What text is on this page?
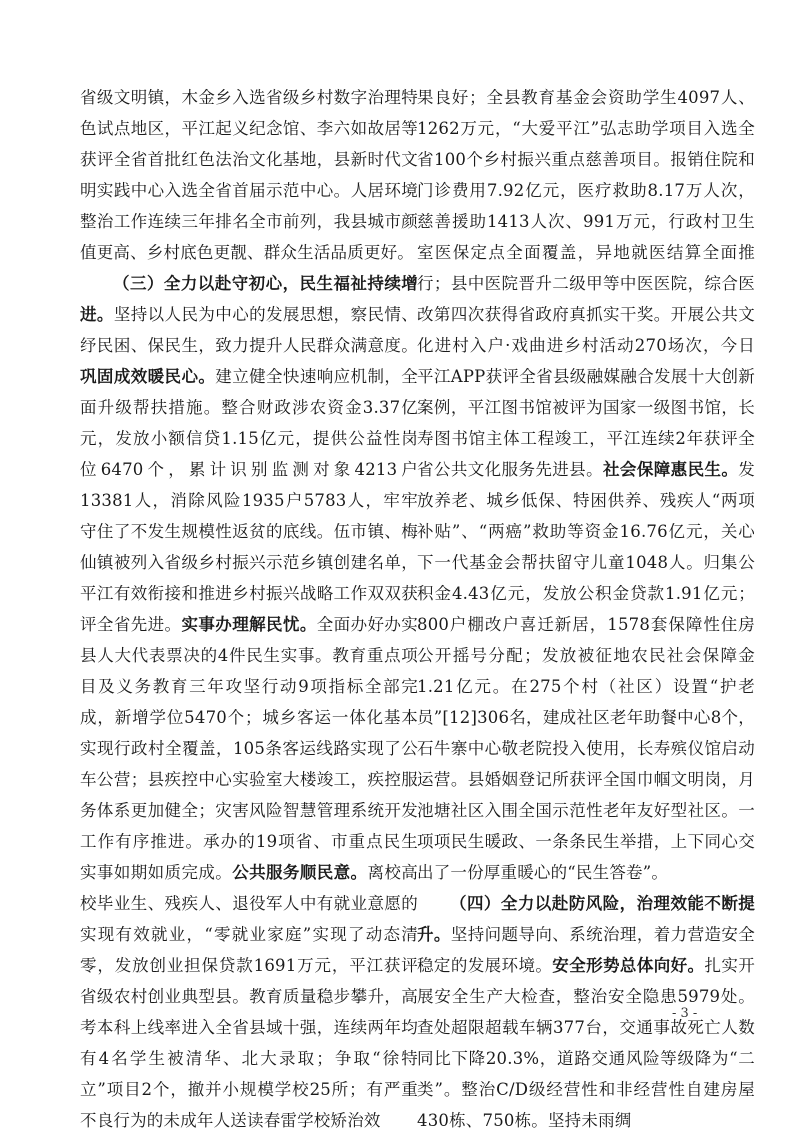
省级文明镇，木金乡入选省级乡村数字治理特色试点地区，平江起义纪念馆、李六如故居等获评全省首批红色法治文化基地，县新时代文明实践中心入选全省首届示范中心。人居环境整治工作连续三年排名全市前列，我县城市颜值更高、乡村底色更靓、群众生活品质更好。

（三）全力以赴守初心，民生福祉持续增进。坚持以人民为中心的发展思想，察民情、纾民困、保民生，致力提升人民群众满意度。巩固成效暖民心。建立健全快速响应机制，全面升级帮扶措施。整合财政涉农资金3.37亿元，发放小额信贷1.15亿元，提供公益性岗位6470个，累计识别监测对象4213户13381人，消除风险1935户5783人，牢牢守住了不发生规模性返贫的底线。伍市镇、梅仙镇被列入省级乡村振兴示范乡镇创建名单，平江有效衔接和推进乡村振兴战略工作双双获评全省先进。实事办理解民忧。全面办好办实县人大代表票决的4件民生实事。教育重点项目及义务教育三年攻坚行动9项指标全部完成，新增学位5470个；城乡客运一体化基本实现行政村全覆盖，105条客运线路实现了公车公营；县疾控中心实验室大楼竣工，疾控服务体系更加健全；灾害风险智慧管理系统开发工作有序推进。承办的19项省、市重点民生实事如期如质完成。公共服务顺民意。离校高校毕业生、残疾人、退役军人中有就业意愿的实现有效就业，“零就业家庭”实现了动态清零，发放创业担保贷款1691万元，平江获评省级农村创业典型县。教育质量稳步攀升，高考本科上线率进入全省县域十强，连续两年均有4名学生被清华、北大录取；争取“徐特立”项目2个，撤并小规模学校25所；有严重不良行为的未成年人送读春雷学校矫治效

果良好；全县教育基金会资助学生4097人、1262万元，“大爱平江”弘志助学项目入选全省100个乡村振兴重点慈善项目。报销住院和门诊费用7.92亿元，医疗救助8.17万人次，慈善援助1413人次、991万元，行政村卫生室医保定点全面覆盖，异地就医结算全面推行；县中医院晋升二级甲等中医医院，综合医改第四次获得省政府真抓实干奖。开展公共文化进村入户·戏曲进乡村活动270场次，今日平江APP获评全省县级融媒融合发展十大创新案例，平江图书馆被评为国家一级图书馆，长寿图书馆主体工程竣工，平江连续2年获评全省公共文化服务先进县。社会保障惠民生。发放养老、城乡低保、特困供养、残疾人“两项补贴”、“两癌”救助等资金16.76亿元，关心下一代基金会帮扶留守儿童1048人。归集公积金4.43亿元，发放公积金贷款1.91亿元；800户棚改户喜迁新居，1578套保障性住房公开摇号分配；发放被征地农民社会保障金1.21亿元。在275个村（社区）设置“护老员”[12]306名，建成社区老年助餐中心8个，石牛寨中心敬老院投入使用，长寿殡仪馆启动运营。县婚姻登记所获评全国巾帼文明岗，月池塘社区入围全国示范性老年友好型社区。一项项民生暖政、一条条民生举措，上下同心交出了一份厚重暖心的“民生答卷”。

（四）全力以赴防风险，治理效能不断提升。坚持问题导向、系统治理，着力营造安全稳定的发展环境。安全形势总体向好。扎实开展安全生产大检查，整治安全隐患5979处。查处超限超载车辆377台，交通事故死亡人数同比下降20.3%，道路交通风险等级降为“二类”。整治C/D级经营性和非经营性自建房屋430栋、750栋。坚持未雨绸

- 3 -
